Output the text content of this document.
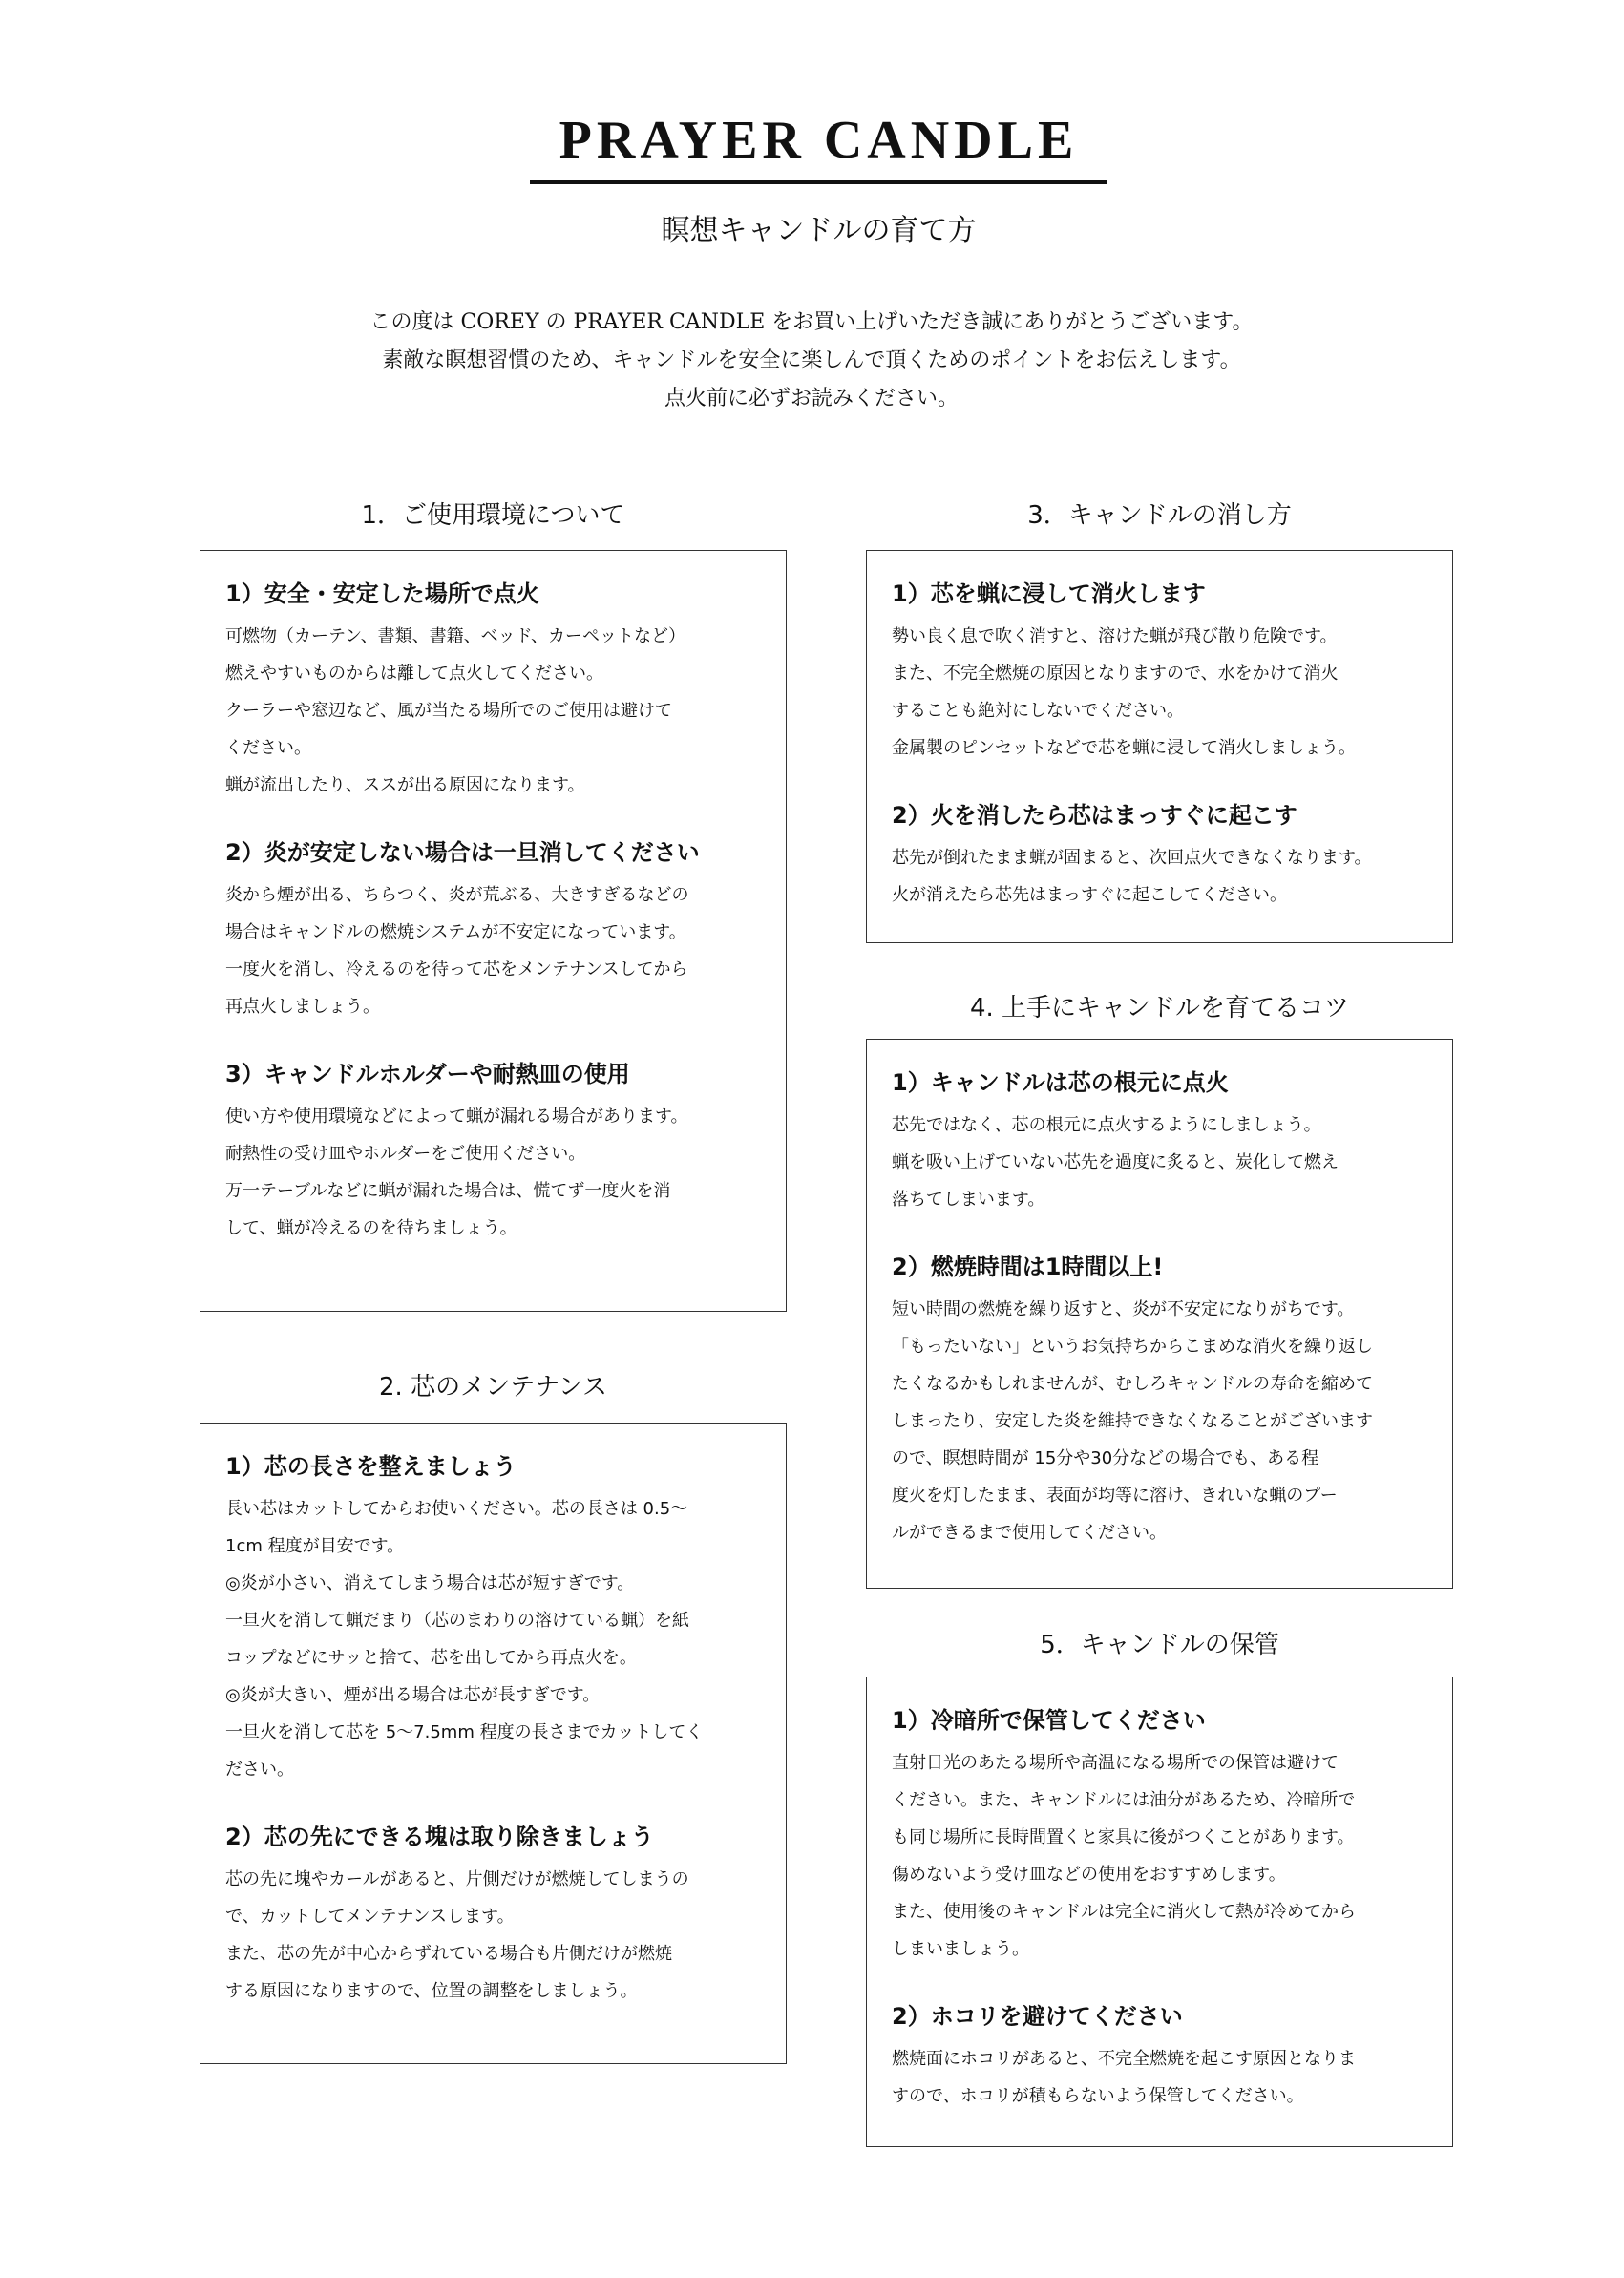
PRAYER CANDLE
瞑想キャンドルの育て方
この度は COREY の PRAYER CANDLE をお買い上げいただき誠にありがとうございます。
素敵な瞑想習慣のため、キャンドルを安全に楽しんで頂くためのポイントをお伝えします。
点火前に必ずお読みください。
1．ご使用環境について
1）安全・安定した場所で点火
可燃物（カーテン、書類、書籍、ベッド、カーペットなど）
燃えやすいものからは離して点火してください。
クーラーや窓辺など、風が当たる場所でのご使用は避けて
ください。
蝋が流出したり、ススが出る原因になります。
2）炎が安定しない場合は一旦消してください
炎から煙が出る、ちらつく、炎が荒ぶる、大きすぎるなどの
場合はキャンドルの燃焼システムが不安定になっています。
一度火を消し、冷えるのを待って芯をメンテナンスしてから
再点火しましょう。
3）キャンドルホルダーや耐熱皿の使用
使い方や使用環境などによって蝋が漏れる場合があります。
耐熱性の受け皿やホルダーをご使用ください。
万一テーブルなどに蝋が漏れた場合は、慌てず一度火を消
して、蝋が冷えるのを待ちましょう。
2. 芯のメンテナンス
1）芯の長さを整えましょう
長い芯はカットしてからお使いください。芯の長さは 0.5～
1cm 程度が目安です。
◎炎が小さい、消えてしまう場合は芯が短すぎです。
一旦火を消して蝋だまり（芯のまわりの溶けている蝋）を紙
コップなどにサッと捨て、芯を出してから再点火を。
◎炎が大きい、煙が出る場合は芯が長すぎです。
一旦火を消して芯を 5～7.5mm 程度の長さまでカットしてく
ださい。
2）芯の先にできる塊は取り除きましょう
芯の先に塊やカールがあると、片側だけが燃焼してしまうの
で、カットしてメンテナンスします。
また、芯の先が中心からずれている場合も片側だけが燃焼
する原因になりますので、位置の調整をしましょう。
3．キャンドルの消し方
1）芯を蝋に浸して消火します
勢い良く息で吹く消すと、溶けた蝋が飛び散り危険です。
また、不完全燃焼の原因となりますので、水をかけて消火
することも絶対にしないでください。
金属製のピンセットなどで芯を蝋に浸して消火しましょう。
2）火を消したら芯はまっすぐに起こす
芯先が倒れたまま蝋が固まると、次回点火できなくなります。
火が消えたら芯先はまっすぐに起こしてください。
4. 上手にキャンドルを育てるコツ
1）キャンドルは芯の根元に点火
芯先ではなく、芯の根元に点火するようにしましょう。
蝋を吸い上げていない芯先を過度に炙ると、炭化して燃え
落ちてしまいます。
2）燃焼時間は1時間以上!
短い時間の燃焼を繰り返すと、炎が不安定になりがちです。
「もったいない」というお気持ちからこまめな消火を繰り返し
たくなるかもしれませんが、むしろキャンドルの寿命を縮めて
しまったり、安定した炎を維持できなくなることがございます
ので、瞑想時間が 15分や30分などの場合でも、ある程
度火を灯したまま、表面が均等に溶け、きれいな蝋のプー
ルができるまで使用してください。
5．キャンドルの保管
1）冷暗所で保管してください
直射日光のあたる場所や高温になる場所での保管は避けて
ください。また、キャンドルには油分があるため、冷暗所で
も同じ場所に長時間置くと家具に後がつくことがあります。
傷めないよう受け皿などの使用をおすすめします。
また、使用後のキャンドルは完全に消火して熱が冷めてから
しまいましょう。
2）ホコリを避けてください
燃焼面にホコリがあると、不完全燃焼を起こす原因となりま
すので、ホコリが積もらないよう保管してください。
